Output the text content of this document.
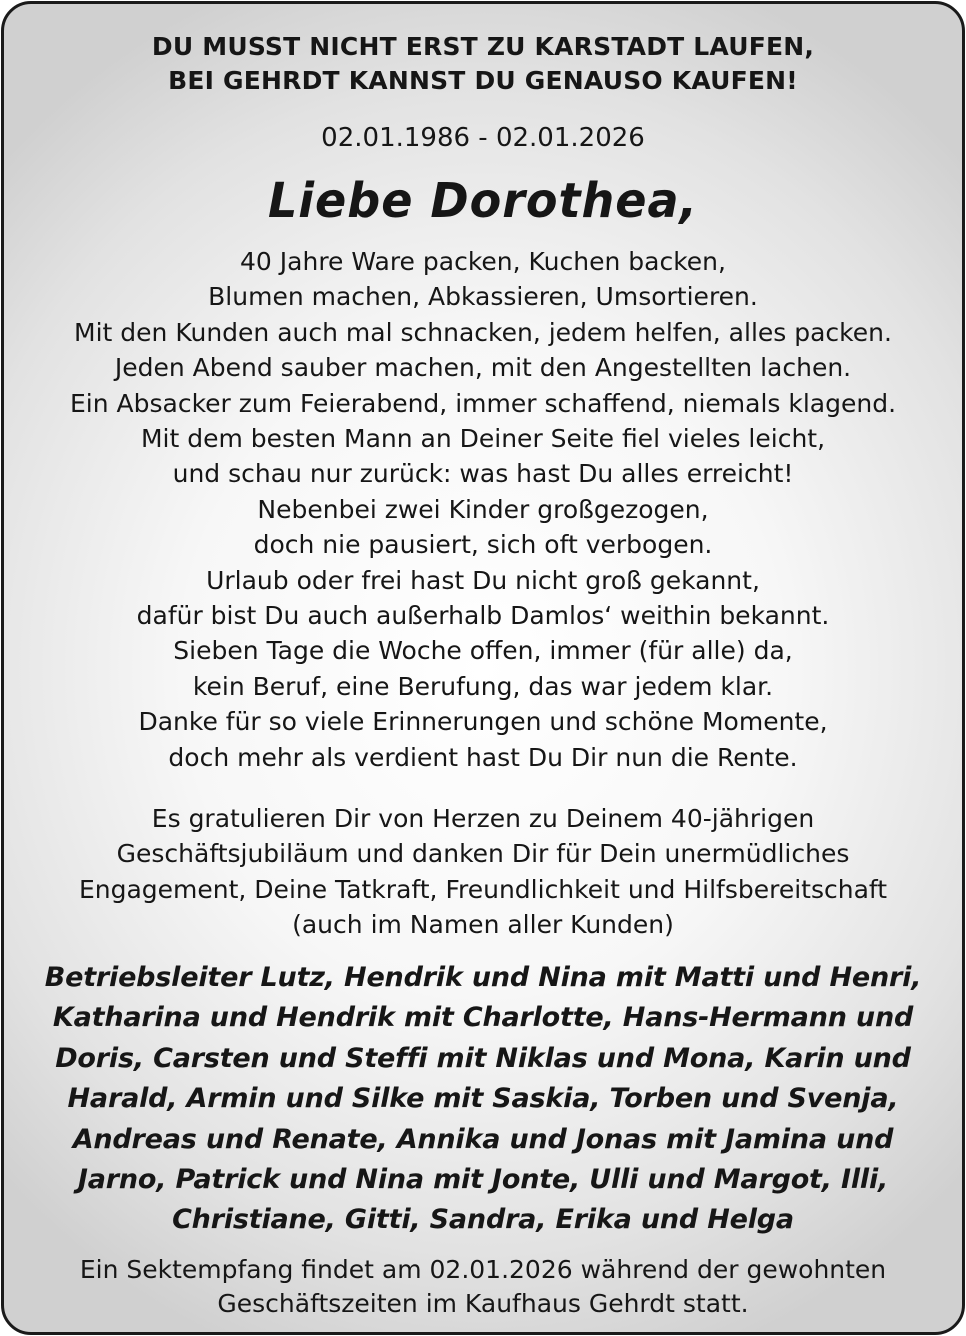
DU MUSST NICHT ERST ZU KARSTADT LAUFEN,
BEI GEHRDT KANNST DU GENAUSO KAUFEN!
02.01.1986 - 02.01.2026
Liebe Dorothea,
40 Jahre Ware packen, Kuchen backen,
Blumen machen, Abkassieren, Umsortieren.
Mit den Kunden auch mal schnacken, jedem helfen, alles packen.
Jeden Abend sauber machen, mit den Angestellten lachen.
Ein Absacker zum Feierabend, immer schaffend, niemals klagend.
Mit dem besten Mann an Deiner Seite fiel vieles leicht,
und schau nur zurück: was hast Du alles erreicht!
Nebenbei zwei Kinder großgezogen,
doch nie pausiert, sich oft verbogen.
Urlaub oder frei hast Du nicht groß gekannt,
dafür bist Du auch außerhalb Damlos‘ weithin bekannt.
Sieben Tage die Woche offen, immer (für alle) da,
kein Beruf, eine Berufung, das war jedem klar.
Danke für so viele Erinnerungen und schöne Momente,
doch mehr als verdient hast Du Dir nun die Rente.
Es gratulieren Dir von Herzen zu Deinem 40-jährigen
Geschäftsjubiläum und danken Dir für Dein unermüdliches
Engagement, Deine Tatkraft, Freundlichkeit und Hilfsbereitschaft
(auch im Namen aller Kunden)
Betriebsleiter Lutz, Hendrik und Nina mit Matti und Henri,
Katharina und Hendrik mit Charlotte, Hans-Hermann und
Doris, Carsten und Steffi mit Niklas und Mona, Karin und
Harald, Armin und Silke mit Saskia, Torben und Svenja,
Andreas und Renate, Annika und Jonas mit Jamina und
Jarno, Patrick und Nina mit Jonte, Ulli und Margot, Illi,
Christiane, Gitti, Sandra, Erika und Helga
Ein Sektempfang findet am 02.01.2026 während der gewohnten
Geschäftszeiten im Kaufhaus Gehrdt statt.
